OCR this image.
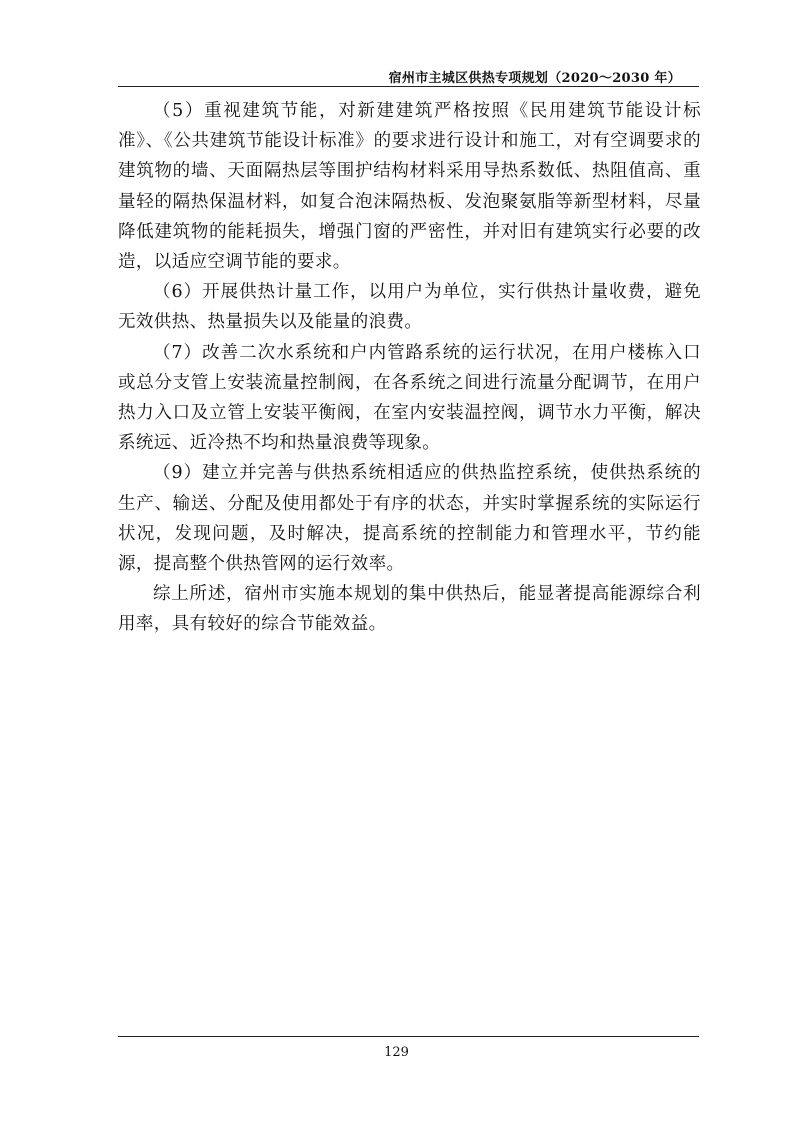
宿州市主城区供热专项规划（2020～2030 年）

（5）重视建筑节能，对新建建筑严格按照《民用建筑节能设计标准》、《公共建筑节能设计标准》的要求进行设计和施工，对有空调要求的建筑物的墙、天面隔热层等围护结构材料采用导热系数低、热阻值高、重量轻的隔热保温材料，如复合泡沫隔热板、发泡聚氨脂等新型材料，尽量降低建筑物的能耗损失，增强门窗的严密性，并对旧有建筑实行必要的改造，以适应空调节能的要求。

（6）开展供热计量工作，以用户为单位，实行供热计量收费，避免无效供热、热量损失以及能量的浪费。

（7）改善二次水系统和户内管路系统的运行状况，在用户楼栋入口或总分支管上安装流量控制阀，在各系统之间进行流量分配调节，在用户热力入口及立管上安装平衡阀，在室内安装温控阀，调节水力平衡，解决系统远、近冷热不均和热量浪费等现象。

（9）建立并完善与供热系统相适应的供热监控系统，使供热系统的生产、输送、分配及使用都处于有序的状态，并实时掌握系统的实际运行状况，发现问题，及时解决，提高系统的控制能力和管理水平，节约能源，提高整个供热管网的运行效率。

综上所述，宿州市实施本规划的集中供热后，能显著提高能源综合利用率，具有较好的综合节能效益。

129
